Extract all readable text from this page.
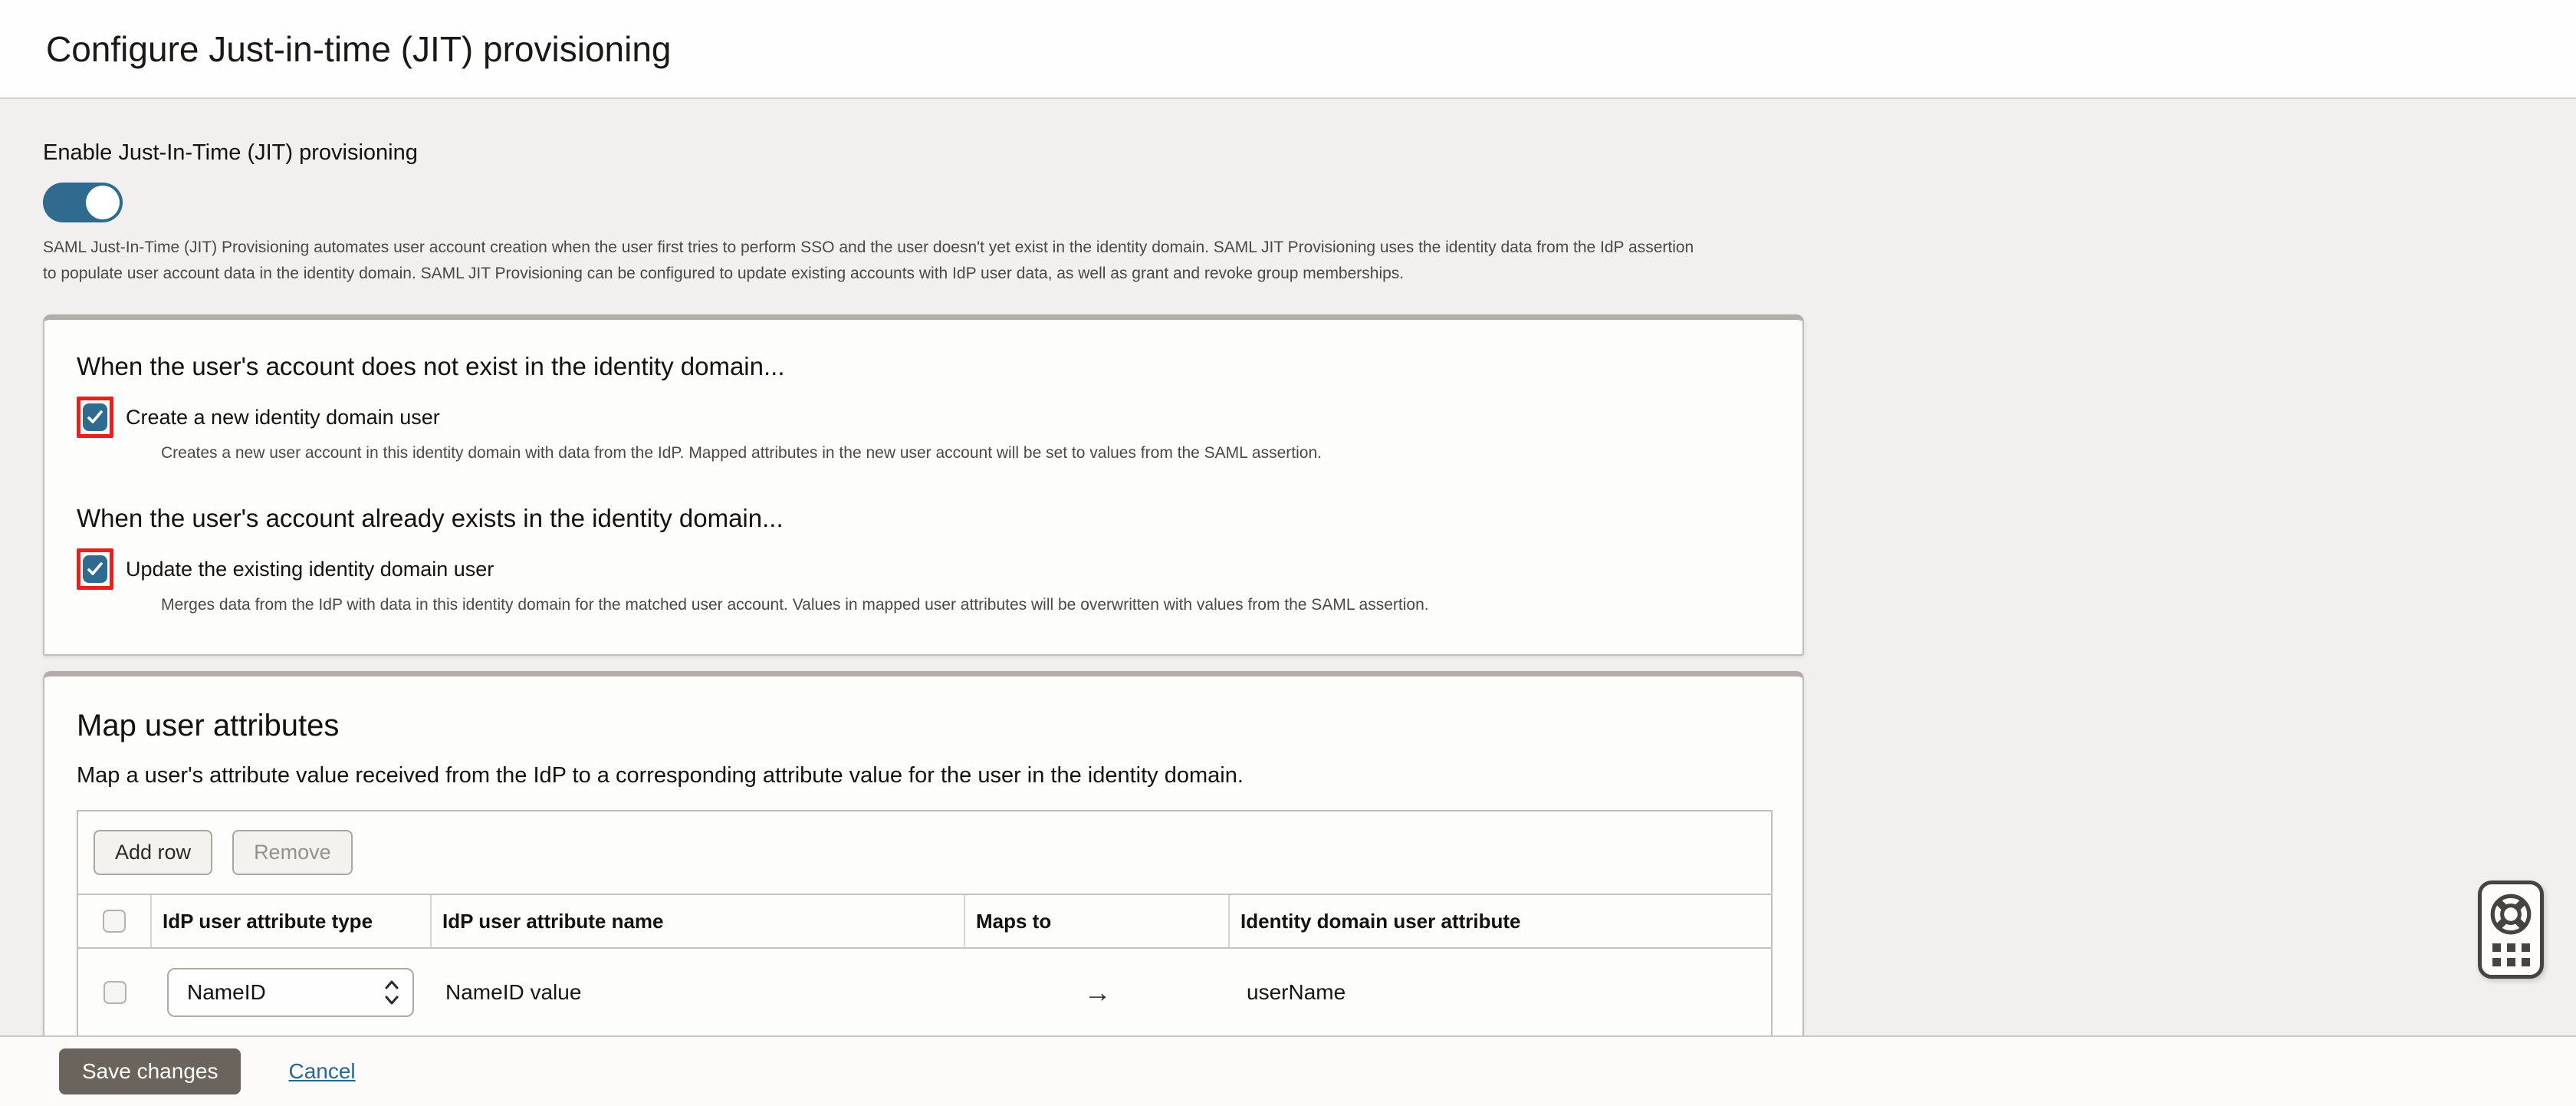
Configure Just-in-time (JIT) provisioning
Enable Just-In-Time (JIT) provisioning
SAML Just-In-Time (JIT) Provisioning automates user account creation when the user first tries to perform SSO and the user doesn't yet exist in the identity domain. SAML JIT Provisioning uses the identity data from the IdP assertion
to populate user account data in the identity domain. SAML JIT Provisioning can be configured to update existing accounts with IdP user data, as well as grant and revoke group memberships.
When the user's account does not exist in the identity domain...
Create a new identity domain user
Creates a new user account in this identity domain with data from the IdP. Mapped attributes in the new user account will be set to values from the SAML assertion.
When the user's account already exists in the identity domain...
Update the existing identity domain user
Merges data from the IdP with data in this identity domain for the matched user account. Values in mapped user attributes will be overwritten with values from the SAML assertion.
Map user attributes
Map a user's attribute value received from the IdP to a corresponding attribute value for the user in the identity domain.
Add row	Remove
IdP user attribute type	IdP user attribute name	Maps to	Identity domain user attribute
NameID	NameID value	→	userName
Save changes	Cancel
